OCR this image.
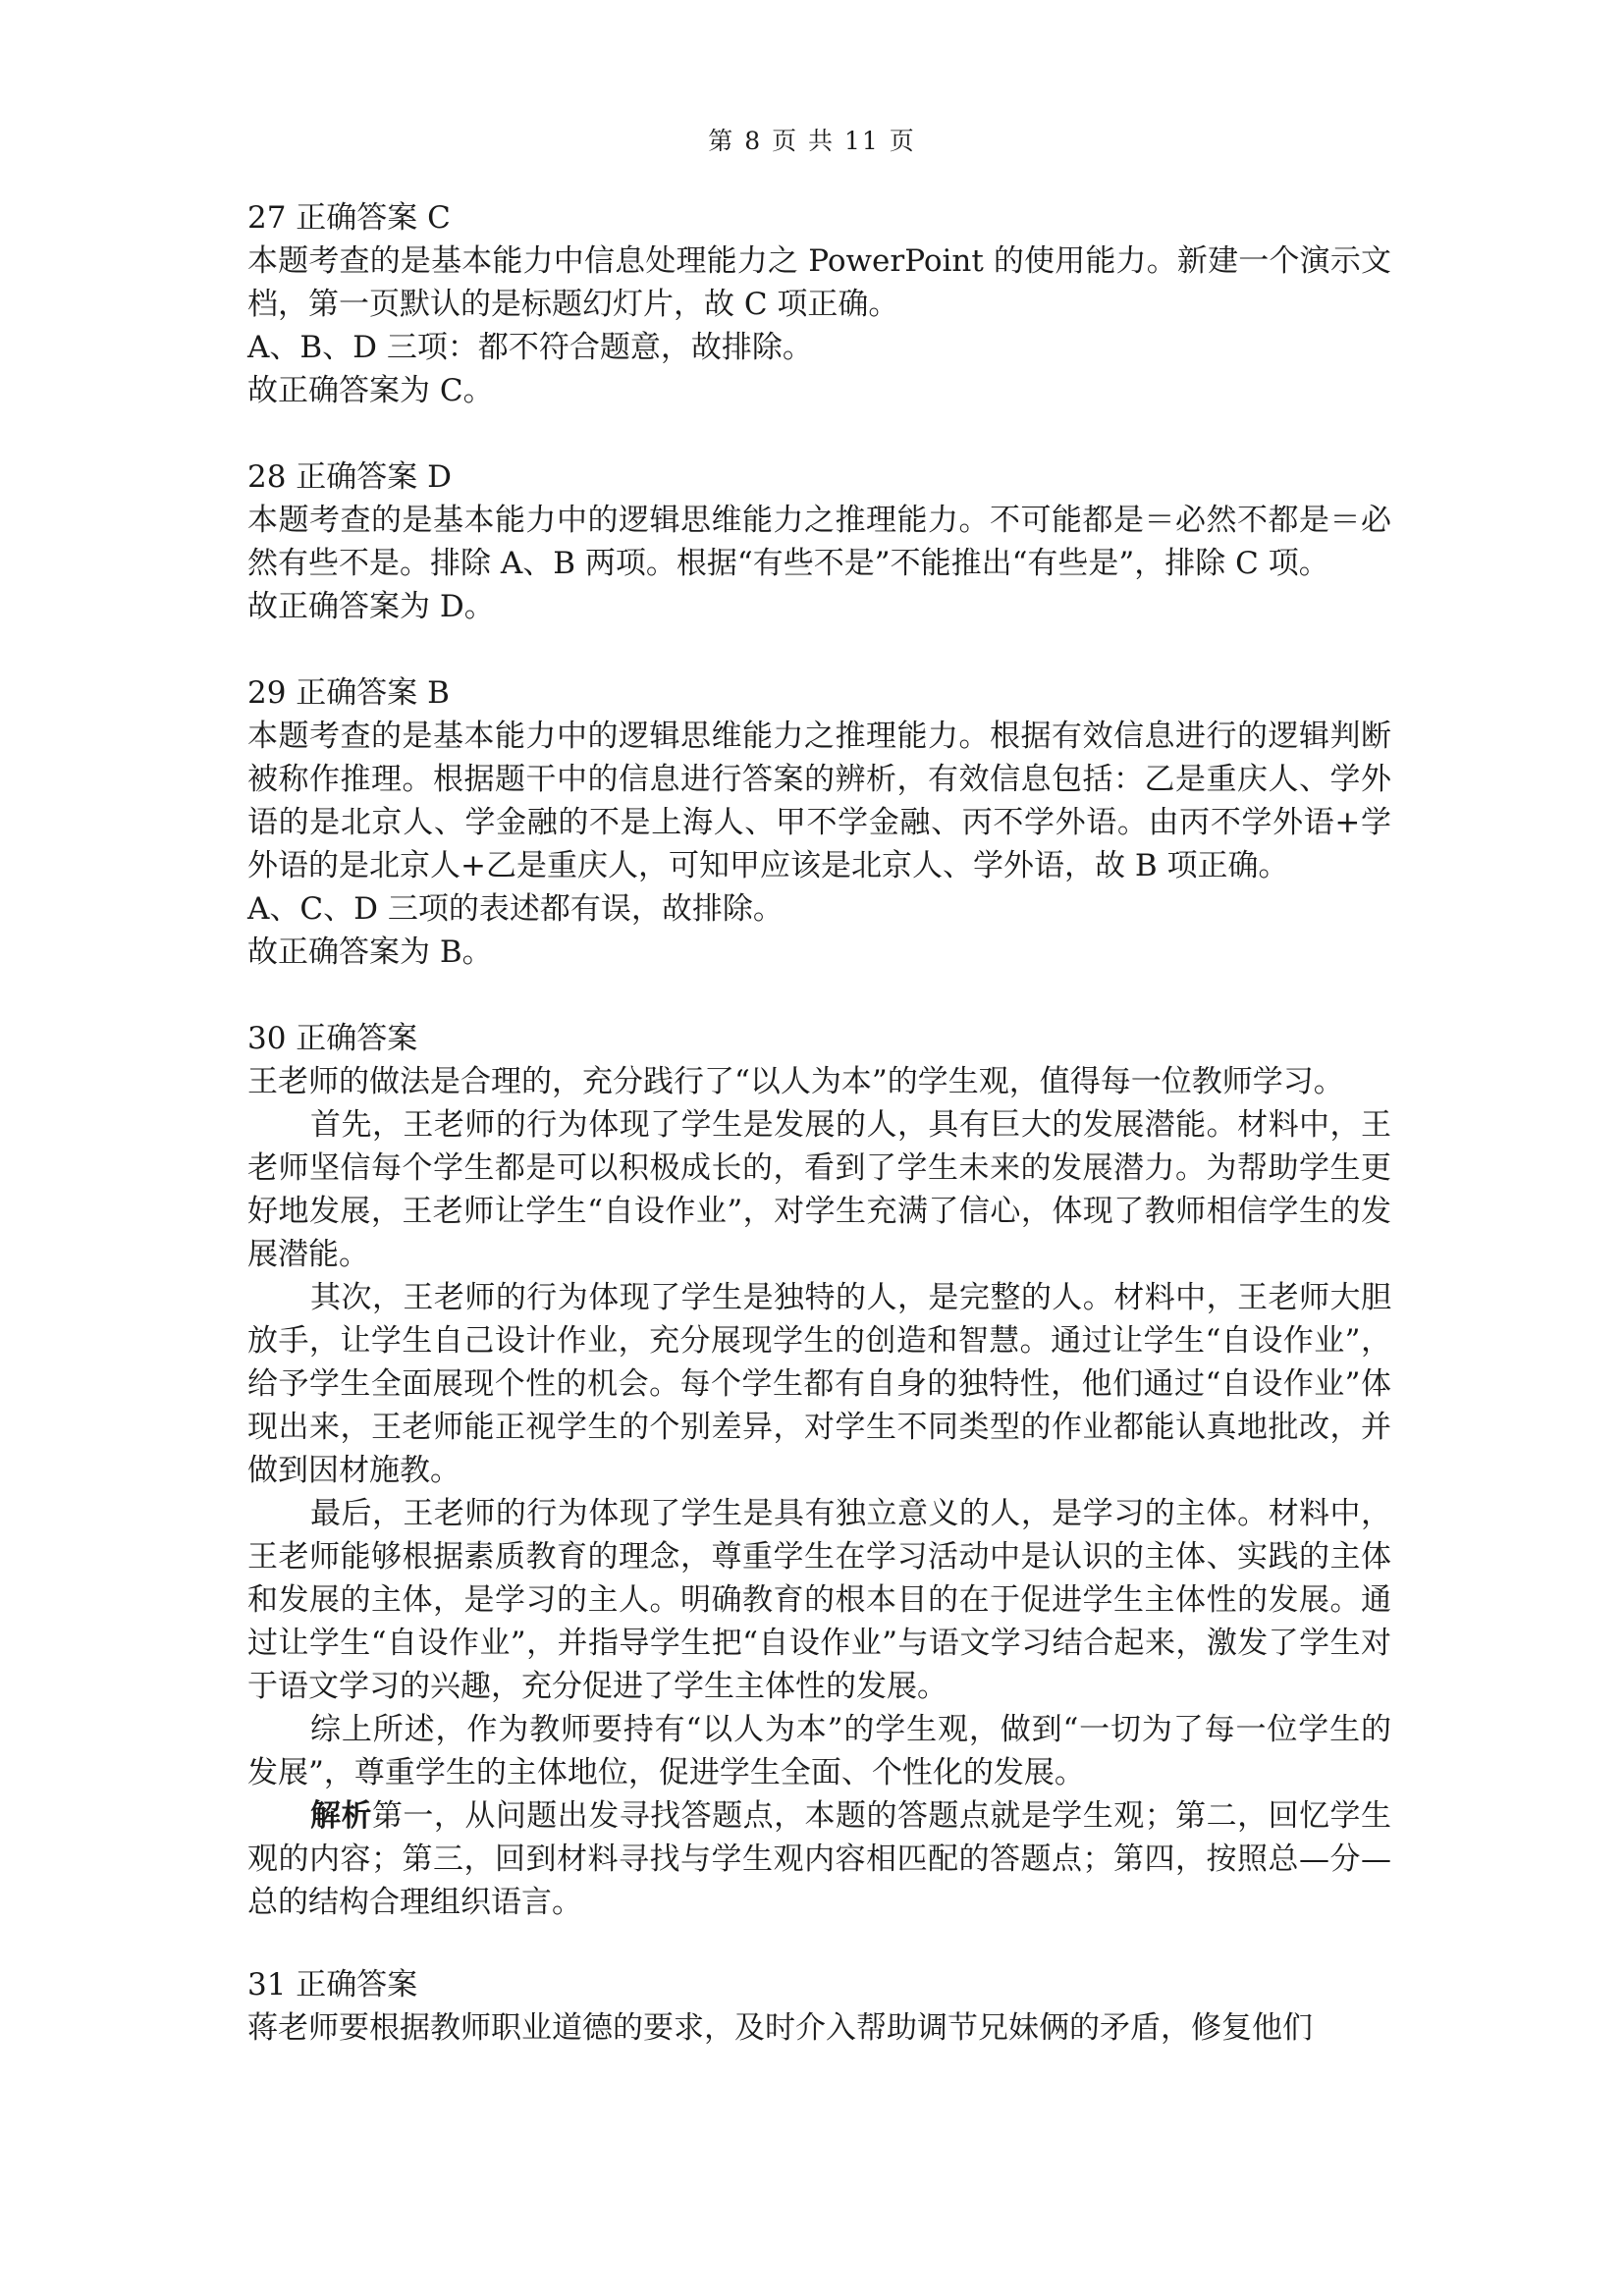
第 8 页 共 11 页

27 正确答案 C

本题考查的是基本能力中信息处理能力之 PowerPoint 的使用能力。新建一个演示文档，第一页默认的是标题幻灯片，故 C 项正确。

A、B、D 三项：都不符合题意，故排除。

故正确答案为 C。

28 正确答案 D

本题考查的是基本能力中的逻辑思维能力之推理能力。不可能都是＝必然不都是＝必然有些不是。排除 A、B 两项。根据“有些不是”不能推出“有些是”，排除 C 项。

故正确答案为 D。

29 正确答案 B

本题考查的是基本能力中的逻辑思维能力之推理能力。根据有效信息进行的逻辑判断被称作推理。根据题干中的信息进行答案的辨析，有效信息包括：乙是重庆人、学外语的是北京人、学金融的不是上海人、甲不学金融、丙不学外语。由丙不学外语+学外语的是北京人+乙是重庆人，可知甲应该是北京人、学外语，故 B 项正确。

A、C、D 三项的表述都有误，故排除。

故正确答案为 B。

30 正确答案

王老师的做法是合理的，充分践行了“以人为本”的学生观，值得每一位教师学习。

首先，王老师的行为体现了学生是发展的人，具有巨大的发展潜能。材料中，王老师坚信每个学生都是可以积极成长的，看到了学生未来的发展潜力。为帮助学生更好地发展，王老师让学生“自设作业”，对学生充满了信心，体现了教师相信学生的发展潜能。

其次，王老师的行为体现了学生是独特的人，是完整的人。材料中，王老师大胆放手，让学生自己设计作业，充分展现学生的创造和智慧。通过让学生“自设作业”，给予学生全面展现个性的机会。每个学生都有自身的独特性，他们通过“自设作业”体现出来，王老师能正视学生的个别差异，对学生不同类型的作业都能认真地批改，并做到因材施教。

最后，王老师的行为体现了学生是具有独立意义的人，是学习的主体。材料中，王老师能够根据素质教育的理念，尊重学生在学习活动中是认识的主体、实践的主体和发展的主体，是学习的主人。明确教育的根本目的在于促进学生主体性的发展。通过让学生“自设作业”，并指导学生把“自设作业”与语文学习结合起来，激发了学生对于语文学习的兴趣，充分促进了学生主体性的发展。

综上所述，作为教师要持有“以人为本”的学生观，做到“一切为了每一位学生的发展”，尊重学生的主体地位，促进学生全面、个性化的发展。

解析第一，从问题出发寻找答题点，本题的答题点就是学生观；第二，回忆学生观的内容；第三，回到材料寻找与学生观内容相匹配的答题点；第四，按照总—分—总的结构合理组织语言。

31 正确答案

蒋老师要根据教师职业道德的要求，及时介入帮助调节兄妹俩的矛盾，修复他们
